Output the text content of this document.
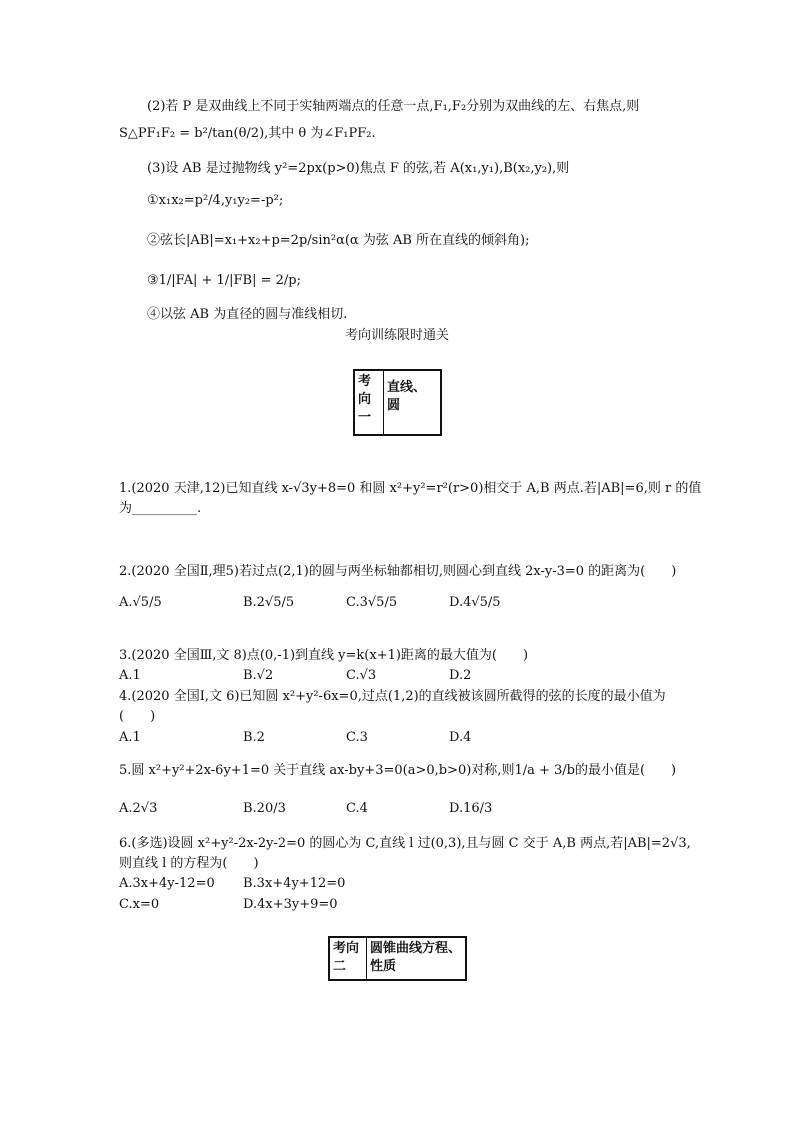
(2)若 P 是双曲线上不同于实轴两端点的任意一点,F₁,F₂分别为双曲线的左、右焦点,则
S△PF₁F₂ = b²/tan(θ/2),其中 θ 为∠F₁PF₂.
(3)设 AB 是过抛物线 y²=2px(p>0)焦点 F 的弦,若 A(x₁,y₁),B(x₂,y₂),则
①x₁x₂=p²/4,y₁y₂=-p²;
②弦长|AB|=x₁+x₂+p=2p/sin²α(α 为弦 AB 所在直线的倾斜角);
③1/|FA| + 1/|FB| = 2/p;
④以弦 AB 为直径的圆与准线相切.
考向训练限时通关
考向一
直线、圆
1.(2020 天津,12)已知直线 x-√3y+8=0 和圆 x²+y²=r²(r>0)相交于 A,B 两点.若|AB|=6,则 r 的值
为__________.
2.(2020 全国Ⅱ,理5)若过点(2,1)的圆与两坐标轴都相切,则圆心到直线 2x-y-3=0 的距离为(　　)
A.√5/5	B.2√5/5	C.3√5/5	D.4√5/5
3.(2020 全国Ⅲ,文 8)点(0,-1)到直线 y=k(x+1)距离的最大值为(　　)
A.1	B.√2	C.√3	D.2
4.(2020 全国Ⅰ,文 6)已知圆 x²+y²-6x=0,过点(1,2)的直线被该圆所截得的弦的长度的最小值为
(　　)
A.1	B.2	C.3	D.4
5.圆 x²+y²+2x-6y+1=0 关于直线 ax-by+3=0(a>0,b>0)对称,则1/a + 3/b的最小值是(　　)
A.2√3	B.20/3	C.4	D.16/3
6.(多选)设圆 x²+y²-2x-2y-2=0 的圆心为 C,直线 l 过(0,3),且与圆 C 交于 A,B 两点,若|AB|=2√3,
则直线 l 的方程为(　　)
A.3x+4y-12=0 B.3x+4y+12=0
C.x=0	D.4x+3y+9=0
考向二
圆锥曲线方程、性质
